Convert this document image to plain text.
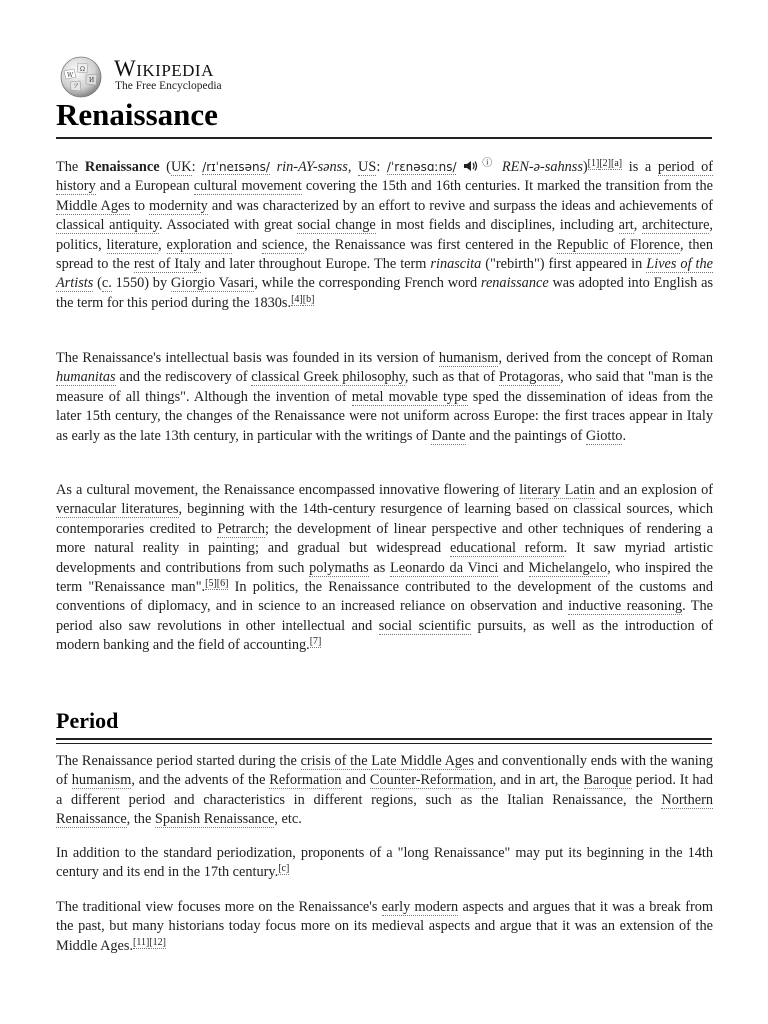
Ω
И
W
ア
WIKIPEDIA
The Free Encyclopedia
Renaissance

The Renaissance (UK: /rɪˈneɪsəns/ rin-AY-sənss, US: /ˈrɛnəsɑːns/ ⓘ REN-ə-sahnss)[1][2][a] is a period of history and a European cultural movement covering the 15th and 16th centuries. It marked the transition from the Middle Ages to modernity and was characterized by an effort to revive and surpass the ideas and achievements of classical antiquity. Associated with great social change in most fields and disciplines, including art, architecture, politics, literature, exploration and science, the Renaissance was first centered in the Republic of Florence, then spread to the rest of Italy and later throughout Europe. The term rinascita ("rebirth") first appeared in Lives of the Artists (c. 1550) by Giorgio Vasari, while the corresponding French word renaissance was adopted into English as the term for this period during the 1830s.[4][b]

The Renaissance's intellectual basis was founded in its version of humanism, derived from the concept of Roman humanitas and the rediscovery of classical Greek philosophy, such as that of Protagoras, who said that "man is the measure of all things". Although the invention of metal movable type sped the dissemination of ideas from the later 15th century, the changes of the Renaissance were not uniform across Europe: the first traces appear in Italy as early as the late 13th century, in particular with the writings of Dante and the paintings of Giotto.

As a cultural movement, the Renaissance encompassed innovative flowering of literary Latin and an explosion of vernacular literatures, beginning with the 14th-century resurgence of learning based on classical sources, which contemporaries credited to Petrarch; the development of linear perspective and other techniques of rendering a more natural reality in painting; and gradual but widespread educational reform. It saw myriad artistic developments and contributions from such polymaths as Leonardo da Vinci and Michelangelo, who inspired the term "Renaissance man".[5][6] In politics, the Renaissance contributed to the development of the customs and conventions of diplomacy, and in science to an increased reliance on observation and inductive reasoning. The period also saw revolutions in other intellectual and social scientific pursuits, as well as the introduction of modern banking and the field of accounting.[7]

Period

The Renaissance period started during the crisis of the Late Middle Ages and conventionally ends with the waning of humanism, and the advents of the Reformation and Counter-Reformation, and in art, the Baroque period. It had a different period and characteristics in different regions, such as the Italian Renaissance, the Northern Renaissance, the Spanish Renaissance, etc.

In addition to the standard periodization, proponents of a "long Renaissance" may put its beginning in the 14th century and its end in the 17th century.[c]

The traditional view focuses more on the Renaissance's early modern aspects and argues that it was a break from the past, but many historians today focus more on its medieval aspects and argue that it was an extension of the Middle Ages.[11][12]
